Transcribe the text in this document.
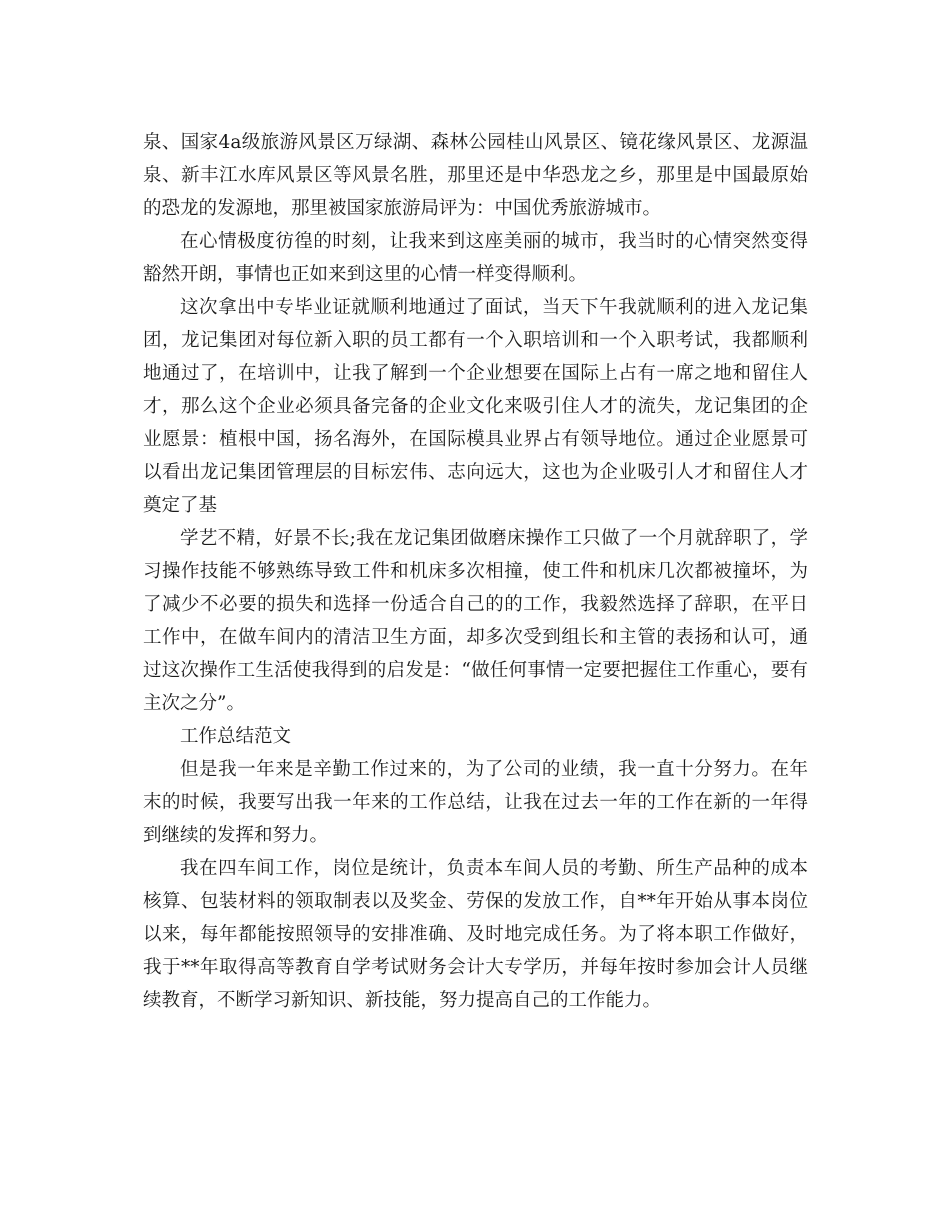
泉、国家4a级旅游风景区万绿湖、森林公园桂山风景区、镜花缘风景区、龙源温泉、新丰江水库风景区等风景名胜，那里还是中华恐龙之乡，那里是中国最原始的恐龙的发源地，那里被国家旅游局评为：中国优秀旅游城市。

在心情极度彷徨的时刻，让我来到这座美丽的城市，我当时的心情突然变得豁然开朗，事情也正如来到这里的心情一样变得顺利。

这次拿出中专毕业证就顺利地通过了面试，当天下午我就顺利的进入龙记集团，龙记集团对每位新入职的员工都有一个入职培训和一个入职考试，我都顺利地通过了，在培训中，让我了解到一个企业想要在国际上占有一席之地和留住人才，那么这个企业必须具备完备的企业文化来吸引住人才的流失，龙记集团的企业愿景：植根中国，扬名海外，在国际模具业界占有领导地位。通过企业愿景可以看出龙记集团管理层的目标宏伟、志向远大，这也为企业吸引人才和留住人才奠定了基

学艺不精，好景不长;我在龙记集团做磨床操作工只做了一个月就辞职了，学习操作技能不够熟练导致工件和机床多次相撞，使工件和机床几次都被撞坏，为了减少不必要的损失和选择一份适合自己的的工作，我毅然选择了辞职，在平日工作中，在做车间内的清洁卫生方面，却多次受到组长和主管的表扬和认可，通过这次操作工生活使我得到的启发是：“做任何事情一定要把握住工作重心，要有主次之分”。

工作总结范文

但是我一年来是辛勤工作过来的，为了公司的业绩，我一直十分努力。在年末的时候，我要写出我一年来的工作总结，让我在过去一年的工作在新的一年得到继续的发挥和努力。

我在四车间工作，岗位是统计，负责本车间人员的考勤、所生产品种的成本核算、包装材料的领取制表以及奖金、劳保的发放工作，自**年开始从事本岗位以来，每年都能按照领导的安排准确、及时地完成任务。为了将本职工作做好，我于**年取得高等教育自学考试财务会计大专学历，并每年按时参加会计人员继续教育，不断学习新知识、新技能，努力提高自己的工作能力。
